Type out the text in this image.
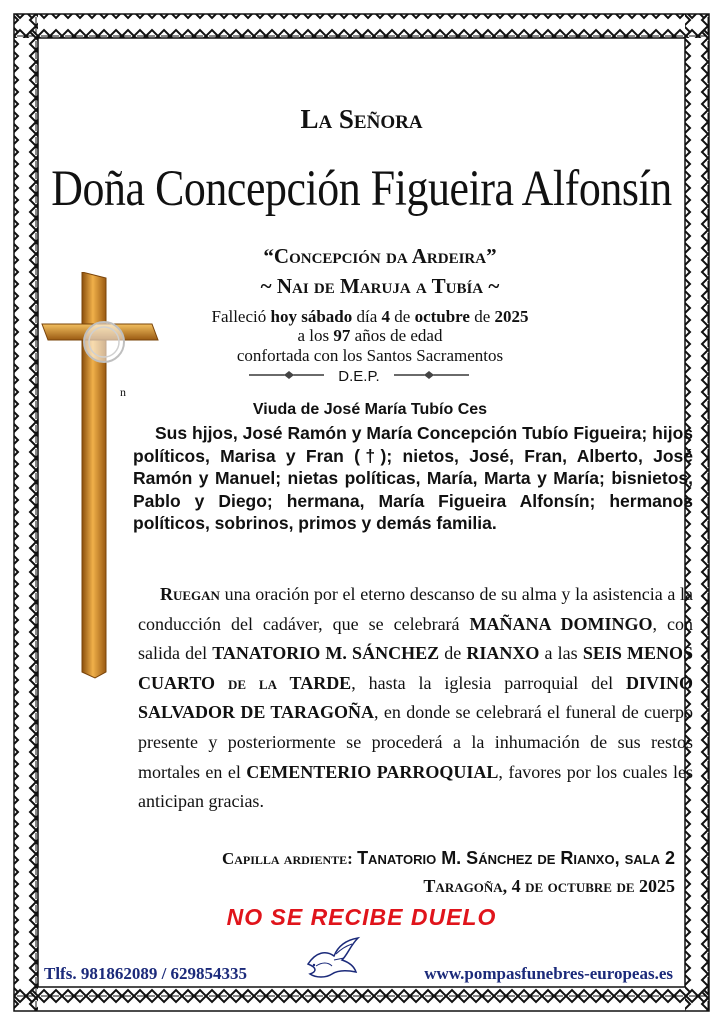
La Señora
Doña Concepción Figueira Alfonsín
“Concepción da Ardeira”
~ Nai de Maruja a Tubía ~
Falleció hoy sábado día 4 de octubre de 2025
a los 97 años de edad
confortada con los Santos Sacramentos
D.E.P.
n
Viuda de José María Tubío Ces
Sus hjjos, José Ramón y María Concepción Tubío Figueira; hijos políticos, Marisa y Fran (†); nietos, José, Fran, Alberto, José Ramón y Manuel; nietas políticas, María, Marta y María; bisnietos, Pablo y Diego; hermana, María Figueira Alfonsín; hermanos políticos, sobrinos, primos y demás familia.
Ruegan una oración por el eterno descanso de su alma y la asistencia a la conducción del cadáver, que se celebrará MAÑANA DOMINGO, con salida del TANATORIO M. SÁNCHEZ de RIANXO a las SEIS MENOS CUARTO de la TARDE, hasta la iglesia parroquial del DIVINO SALVADOR DE TARAGOÑA, en donde se celebrará el funeral de cuerpo presente y posteriormente se procederá a la inhumación de sus restos mortales en el CEMENTERIO PARROQUIAL, favores por los cuales les anticipan gracias.
Capilla ardiente: Tanatorio M. Sánchez de Rianxo, sala 2
Taragoña, 4 de octubre de 2025
NO SE RECIBE DUELO
Tlfs. 981862089 / 629854335	www.pompasfunebres-europeas.es
